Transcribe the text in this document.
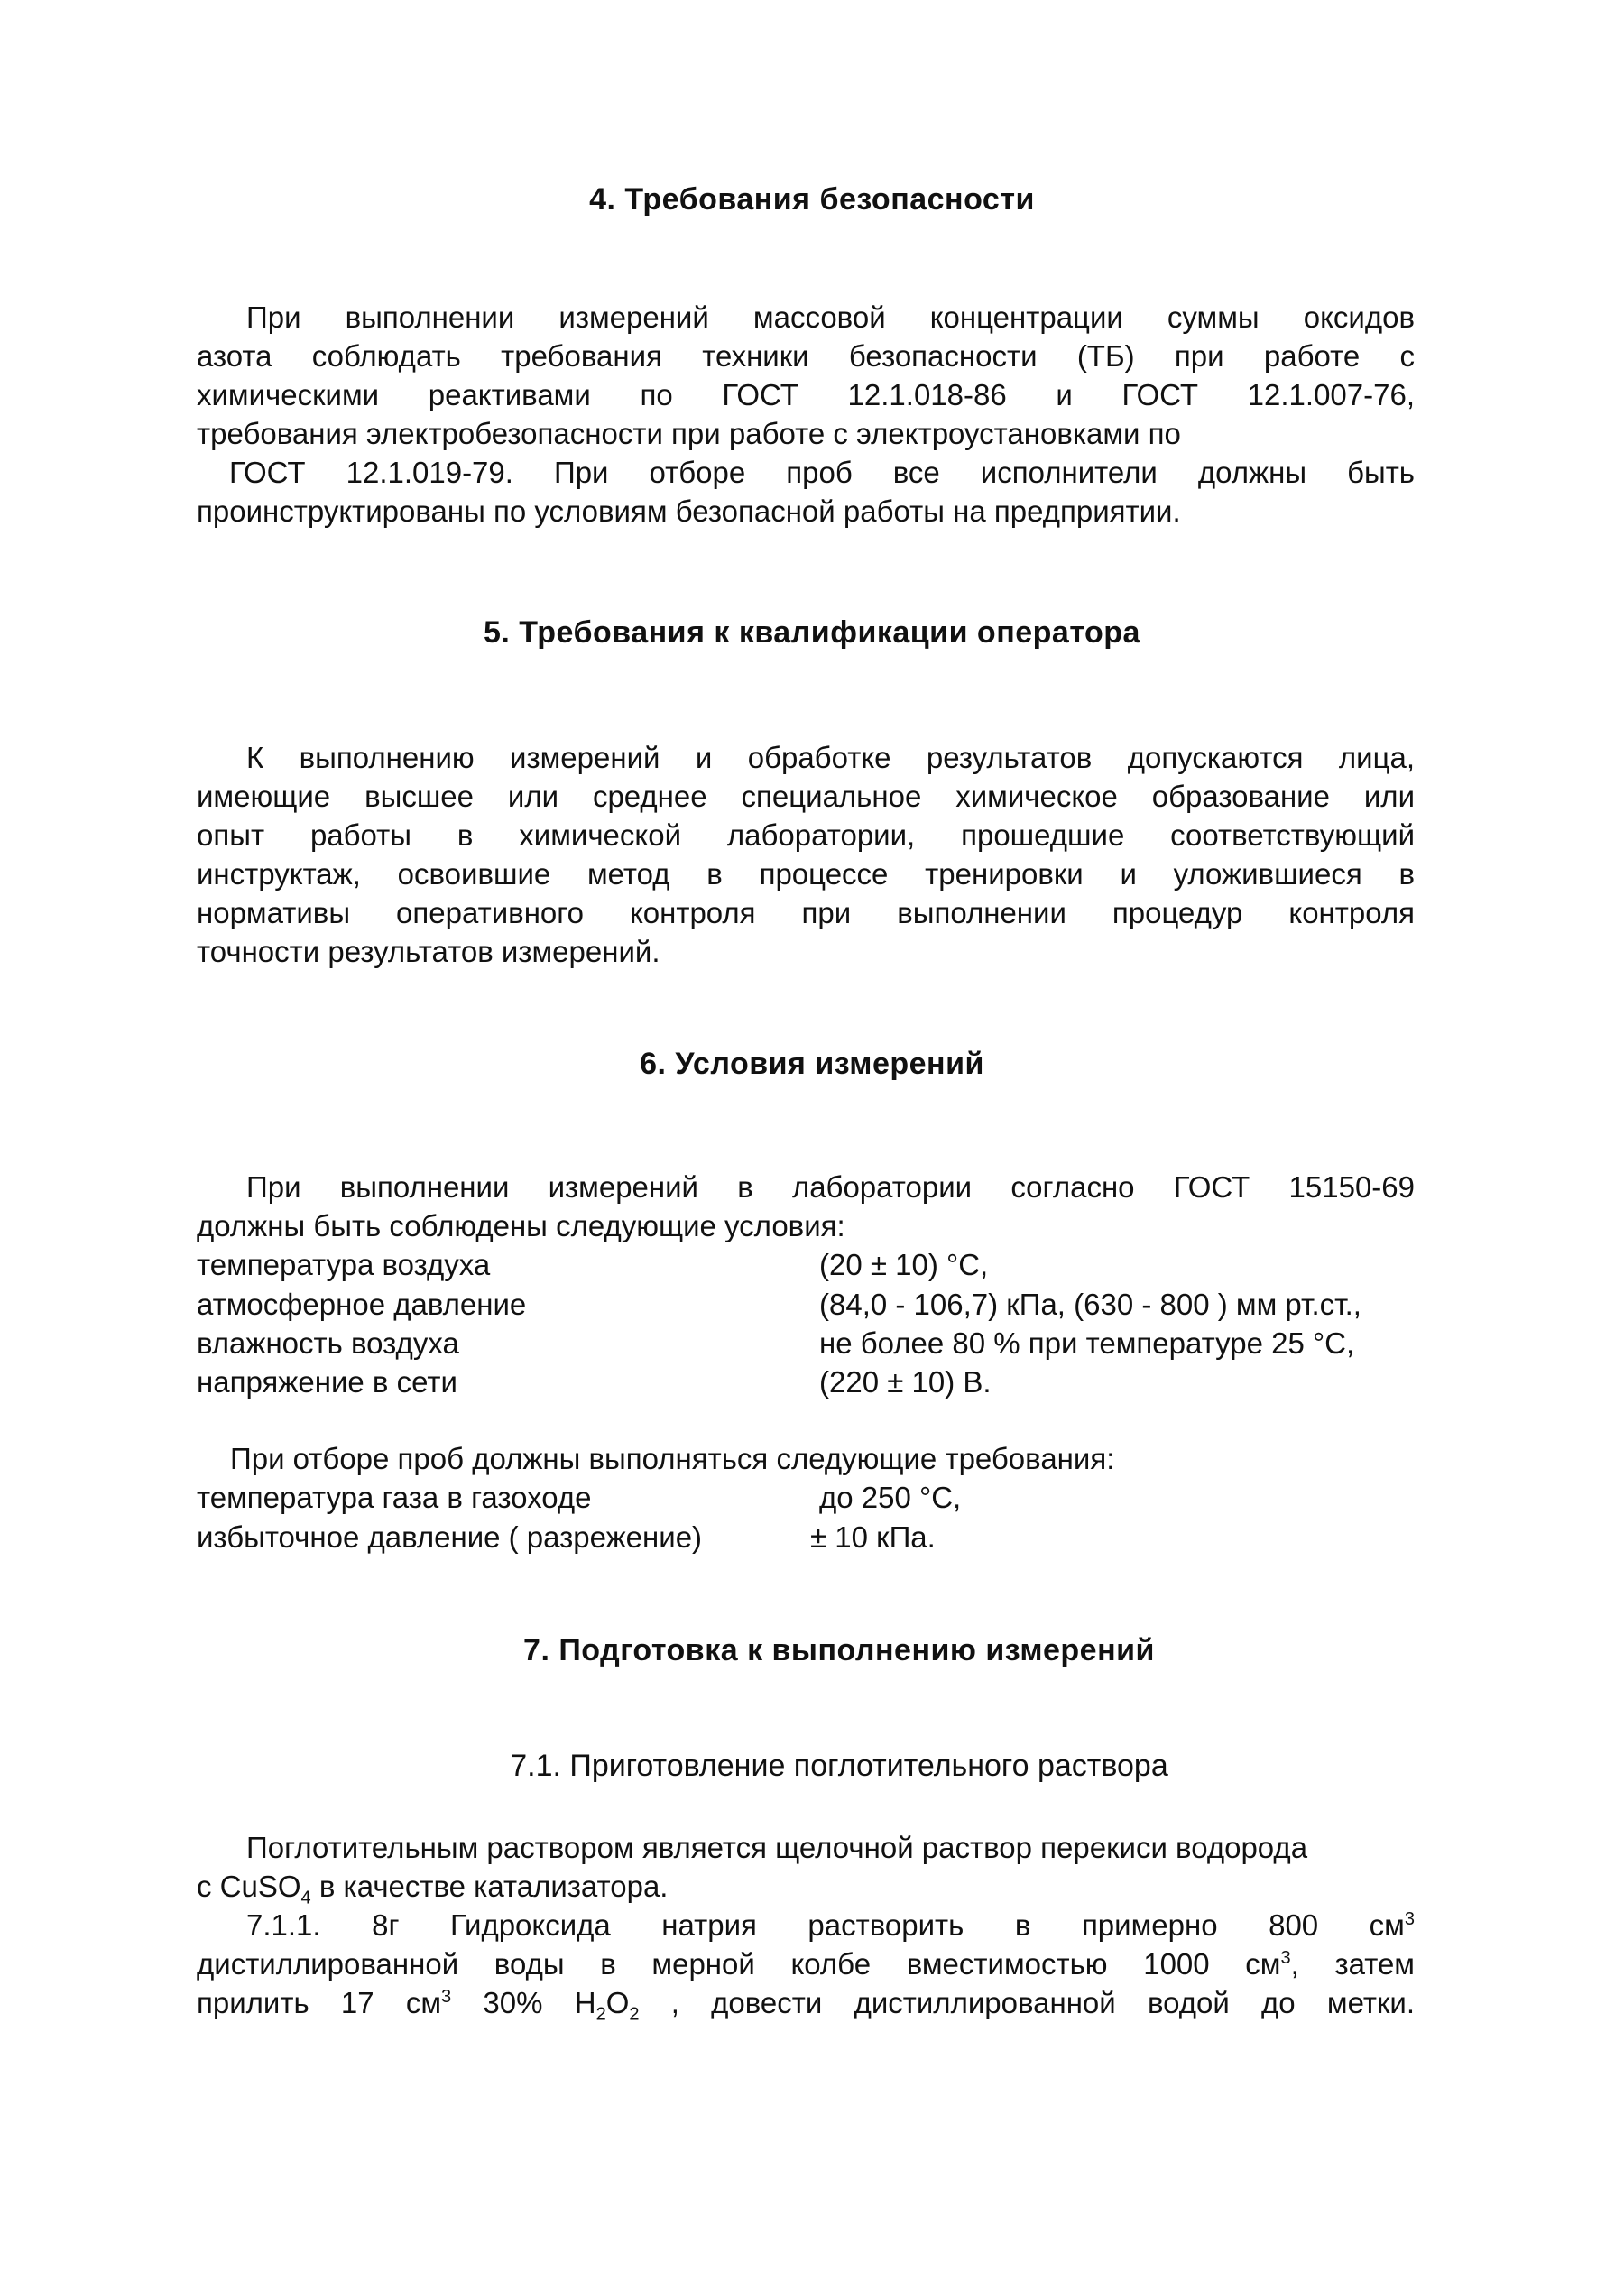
4. Требования безопасности
При выполнении измерений массовой концентрации суммы оксидов
азота соблюдать требования техники безопасности (ТБ) при работе с
химическими реактивами по ГОСТ 12.1.018-86 и ГОСТ 12.1.007-76,
требования электробезопасности при работе с электроустановками по
ГОСТ 12.1.019-79. При отборе проб все исполнители должны быть
проинструктированы по условиям безопасной работы на предприятии.
5. Требования к квалификации оператора
К выполнению измерений и обработке результатов допускаются лица,
имеющие высшее или среднее специальное химическое образование или
опыт работы в химической лаборатории, прошедшие соответствующий
инструктаж, освоившие метод в процессе тренировки и уложившиеся в
нормативы оперативного контроля при выполнении процедур контроля
точности результатов измерений.
6. Условия измерений
При выполнении измерений в лаборатории согласно ГОСТ 15150-69
должны быть соблюдены следующие условия:
температура воздуха	(20 ± 10) °С,
атмосферное давление	(84,0 - 106,7) кПа, (630 - 800 ) мм рт.ст.,
влажность воздуха	не более 80 % при температуре 25 °С,
напряжение в сети	(220 ± 10) В.
При отборе проб должны выполняться следующие требования:
температура газа в газоходе	до 250 °С,
избыточное давление ( разрежение)	± 10 кПа.
7. Подготовка к выполнению измерений
7.1. Приготовление поглотительного раствора
Поглотительным раствором является щелочной раствор перекиси водорода
с CuSO$_4$ в качестве катализатора.
7.1.1. 8г Гидроксида натрия растворить в примерно 800 $см^3$
дистиллированной воды в мерной колбе вместимостью 1000 $см^3$, затем
прилить 17 $см^3$ 30% $H_2O_2$ , довести дистиллированной водой до метки.
